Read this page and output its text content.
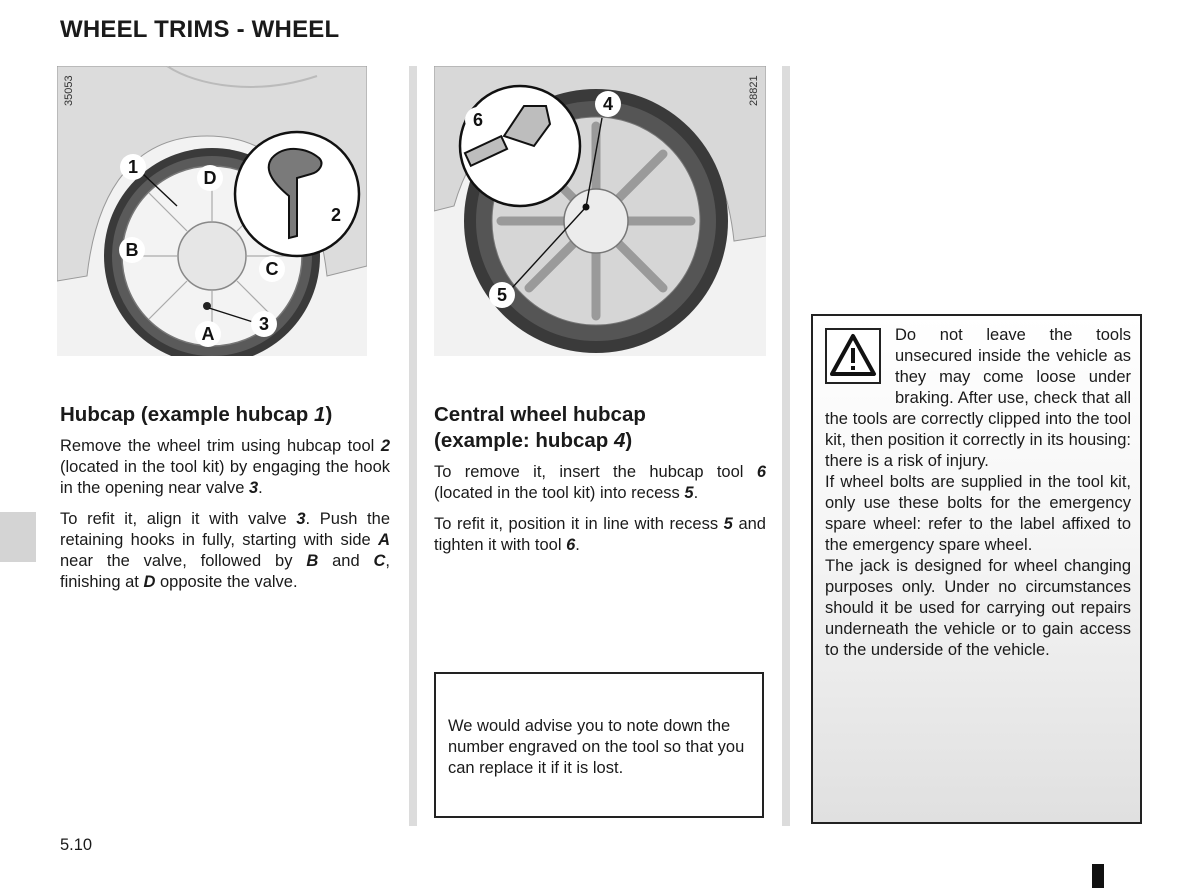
WHEEL TRIMS - WHEEL
35053
1
D
2
B
C
A	3
28821
6
4
5
Hubcap (example hubcap 1)

Remove the wheel trim using hubcap tool 2 (located in the tool kit) by engaging the hook in the opening near valve 3.

To refit it, align it with valve 3. Push the retaining hooks in fully, starting with side A near the valve, followed by B and C, finishing at D opposite the valve.

Central wheel hubcap
(example: hubcap 4)

To remove it, insert the hubcap tool 6 (located in the tool kit) into recess 5.

To refit it, position it in line with recess 5 and tighten it with tool 6.

We would advise you to note down the number engraved on the tool so that you can replace it if it is lost.
Do not leave the tools unsecured inside the vehicle as they may come loose under braking. After use, check that all the tools are correctly clipped into the tool kit, then position it correctly in its housing: there is a risk of injury.
If wheel bolts are supplied in the tool kit, only use these bolts for the emergency spare wheel: refer to the label affixed to the emergency spare wheel.
The jack is designed for wheel changing purposes only. Under no circumstances should it be used for carrying out repairs underneath the vehicle or to gain access to the underside of the vehicle.
5.10
